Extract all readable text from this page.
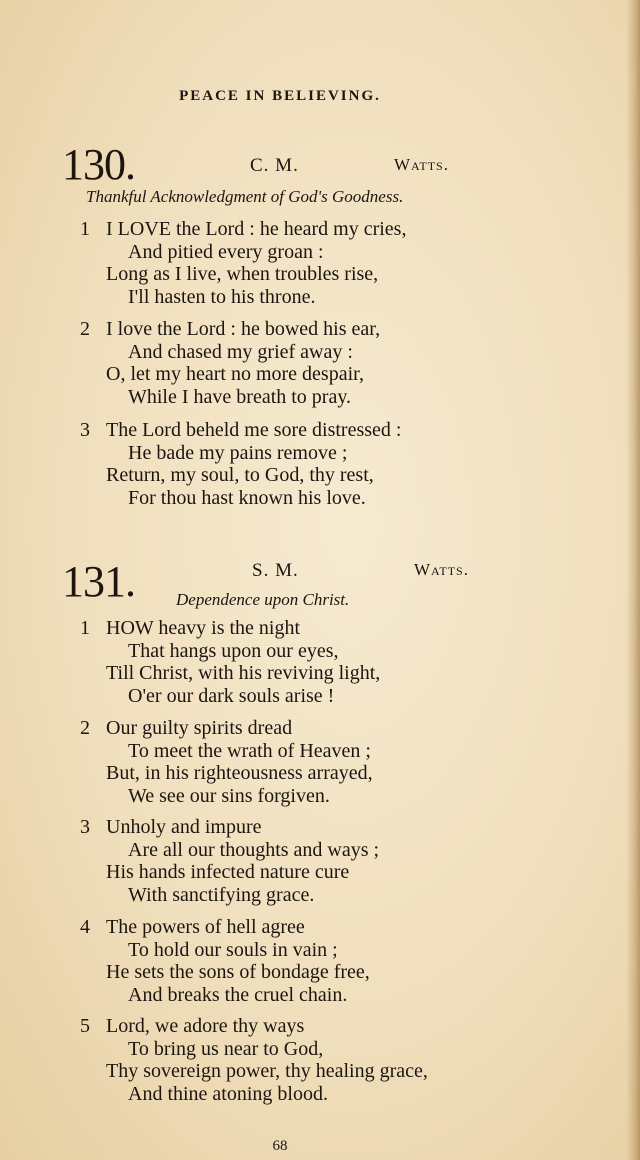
PEACE IN BELIEVING.
130.	C. M.	Watts.
Thankful Acknowledgment of God's Goodness.
1 I LOVE the Lord : he heard my cries,
And pitied every groan :
Long as I live, when troubles rise,
I'll hasten to his throne.
2 I love the Lord : he bowed his ear,
And chased my grief away :
O, let my heart no more despair,
While I have breath to pray.
3 The Lord beheld me sore distressed :
He bade my pains remove ;
Return, my soul, to God, thy rest,
For thou hast known his love.
131.	S. M.	Watts.
Dependence upon Christ.
1 HOW heavy is the night
That hangs upon our eyes,
Till Christ, with his reviving light,
O'er our dark souls arise !
2 Our guilty spirits dread
To meet the wrath of Heaven ;
But, in his righteousness arrayed,
We see our sins forgiven.
3 Unholy and impure
Are all our thoughts and ways ;
His hands infected nature cure
With sanctifying grace.
4 The powers of hell agree
To hold our souls in vain ;
He sets the sons of bondage free,
And breaks the cruel chain.
5 Lord, we adore thy ways
To bring us near to God,
Thy sovereign power, thy healing grace,
And thine atoning blood.
68
